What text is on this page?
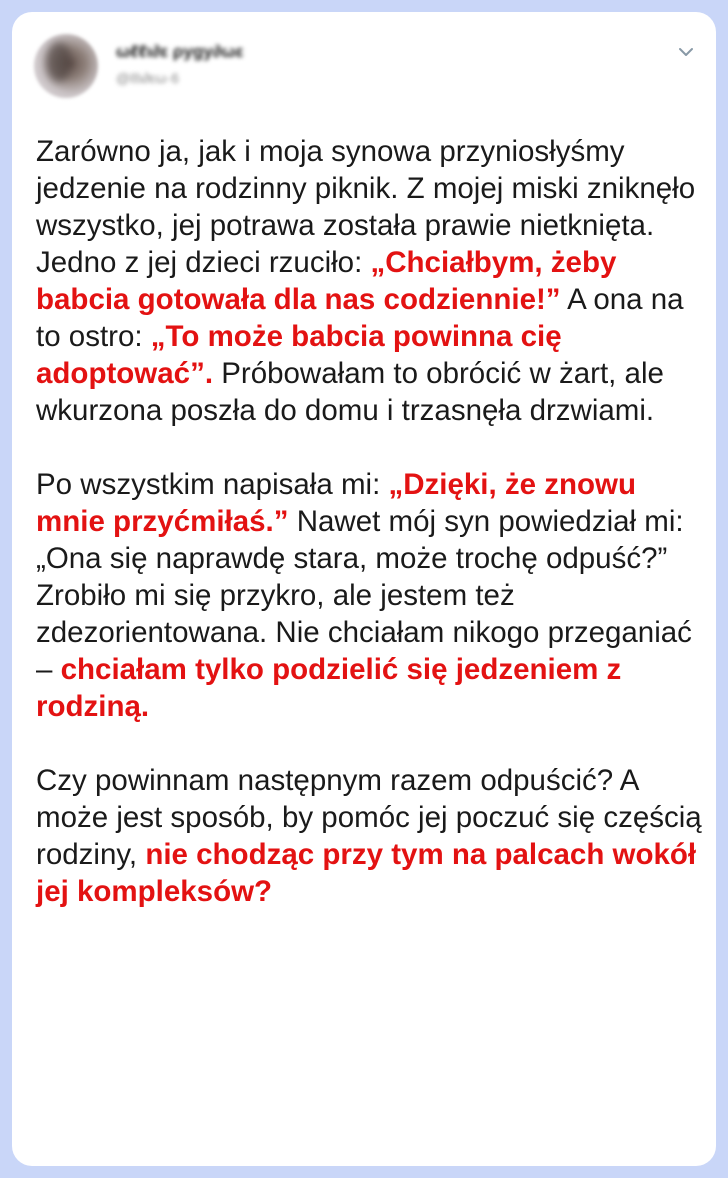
ωℓℓι∂ε ρуgу∂ωε
@ℓℓι∂εω·6

Zarówno ja, jak i moja synowa przyniosłyśmy jedzenie na rodzinny piknik. Z mojej miski zniknęło wszystko, jej potrawa została prawie nietknięta. Jedno z jej dzieci rzuciło: „Chciałbym, żeby babcia gotowała dla nas codziennie!” A ona na to ostro: „To może babcia powinna cię adoptować”. Próbowałam to obrócić w żart, ale wkurzona poszła do domu i trzasnęła drzwiami.

Po wszystkim napisała mi: „Dzięki, że znowu mnie przyćmiłaś.” Nawet mój syn powiedział mi: „Ona się naprawdę stara, może trochę odpuść?” Zrobiło mi się przykro, ale jestem też zdezorientowana. Nie chciałam nikogo przeganiać – chciałam tylko podzielić się jedzeniem z rodziną.

Czy powinnam następnym razem odpuścić? A może jest sposób, by pomóc jej poczuć się częścią rodziny, nie chodząc przy tym na palcach wokół jej kompleksów?
